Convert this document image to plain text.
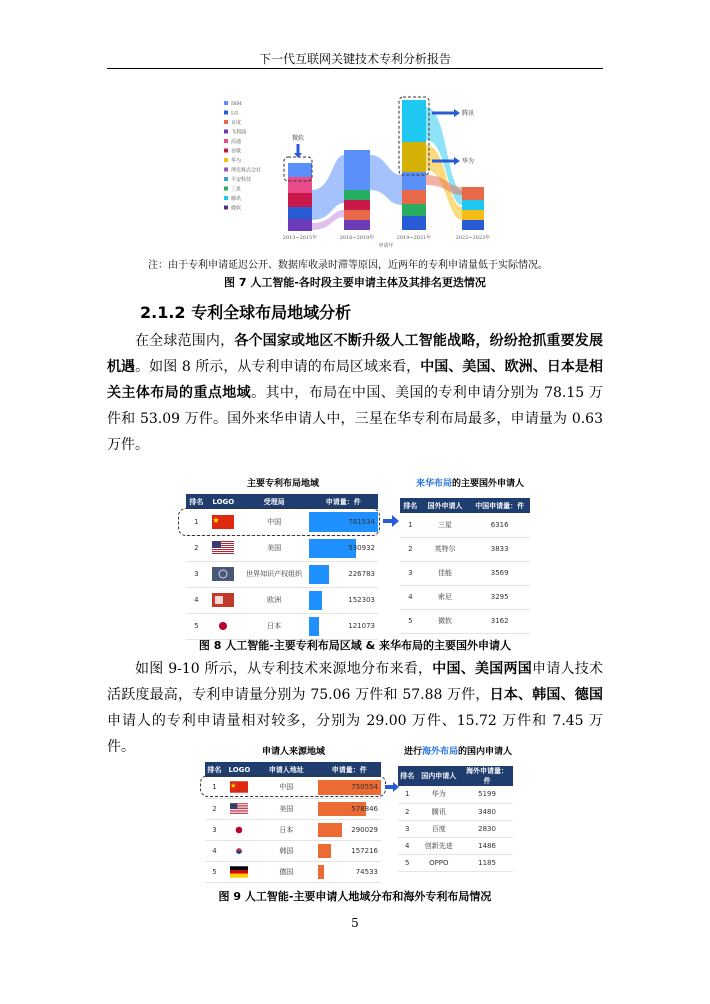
下一代互联网关键技术专利分析报告
IBM
LG
百度
飞利浦
高通
谷歌
华为
理光株式会社
平安科技
三星
腾讯
微软
微软
腾讯
华为
2013~2015年	2016~2018年	2019~2021年	2022~2023年
申请年
注：由于专利申请延迟公开、数据库收录时滞等原因，近两年的专利申请量低于实际情况。
图 7 人工智能-各时段主要申请主体及其排名更迭情况
2.1.2 专利全球布局地域分析
在全球范围内，各个国家或地区不断升级人工智能战略，纷纷抢抓重要发展机遇。如图 8 所示，从专利申请的布局区域来看，中国、美国、欧洲、日本是相关主体布局的重点地域。其中，布局在中国、美国的专利申请分别为 78.15 万件和 53.09 万件。国外来华申请人中，三星在华专利布局最多，申请量为 0.63 万件。
主要专利布局地域
排名	LOGO	受理局	申请量：件
1		中国	781534

2		美国	530932

3		世界知识产权组织	226783

4		欧洲	152303

5		日本	121073
来华布局的主要国外申请人
排名	国外申请人	中国申请量：件
1	三星	6316
2	英特尔	3833
3	佳能	3569
4	索尼	3295
5	微软	3162
图 8 人工智能-主要专利布局区域 & 来华布局的主要国外申请人
如图 9-10 所示，从专利技术来源地分布来看，中国、美国两国申请人技术活跃度最高，专利申请量分别为 75.06 万件和 57.88 万件，日本、韩国、德国申请人的专利申请量相对较多，分别为 29.00 万件、15.72 万件和 7.45 万件。	申请人来源地域
排名	LOGO	申请人地址	申请量：件
1		中国	750554

2		美国	578846

3		日本	290029

4		韩国	157216

5		德国	74533
进行海外布局的国内申请人
排名	国内申请人	海外申请量：件
1	华为	5199
2	腾讯	3480
3	百度	2830
4	创新先进	1486
5	OPPO	1185
图 9 人工智能-主要申请人地域分布和海外专利布局情况
5
